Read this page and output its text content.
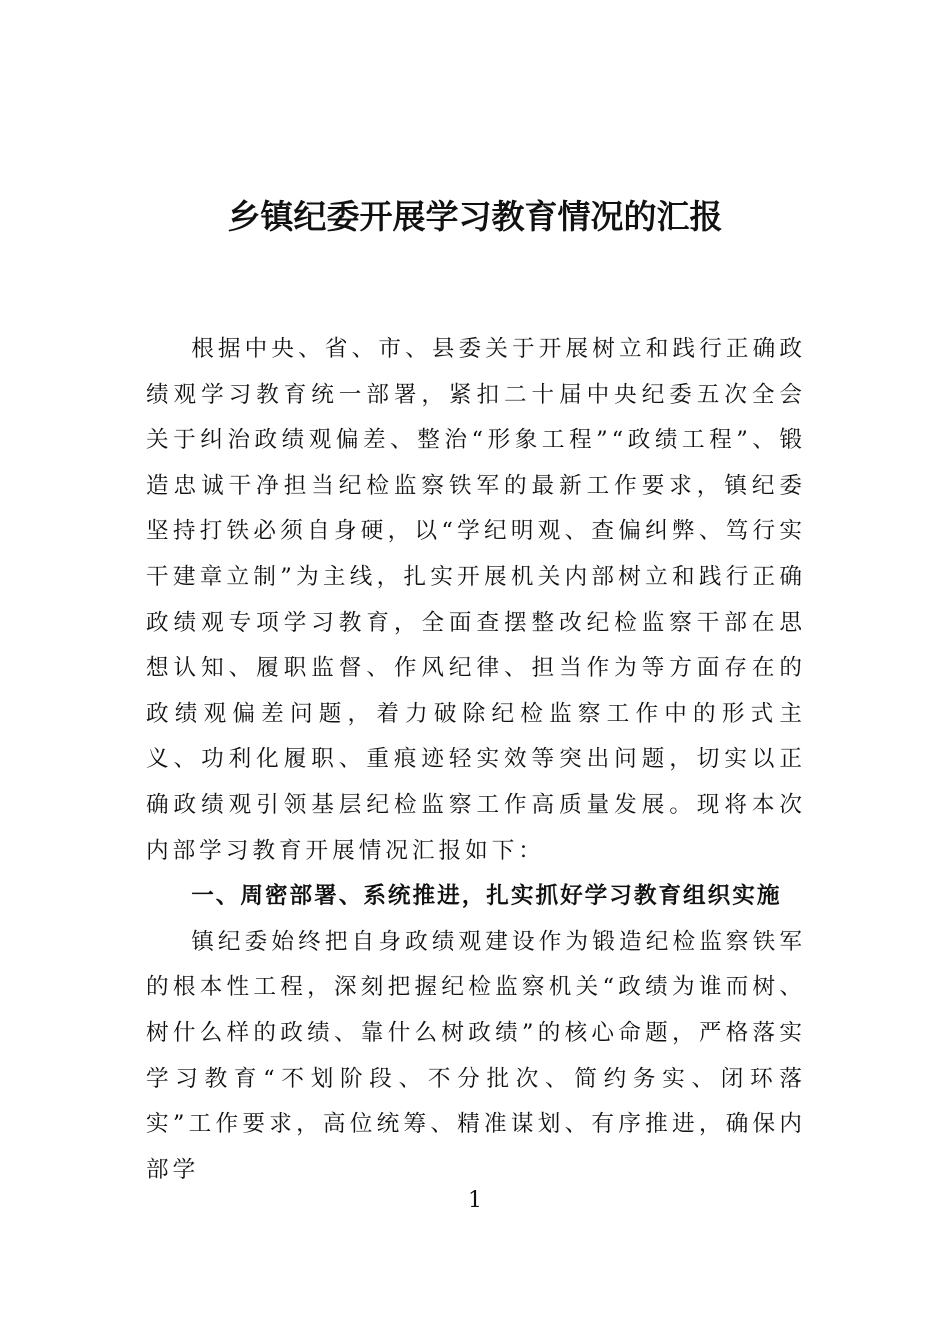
乡镇纪委开展学习教育情况的汇报

根据中央、省、市、县委关于开展树立和践行正确政绩观学习教育统一部署，紧扣二十届中央纪委五次全会关于纠治政绩观偏差、整治“形象工程”“政绩工程”、锻造忠诚干净担当纪检监察铁军的最新工作要求，镇纪委坚持打铁必须自身硬，以“学纪明观、查偏纠弊、笃行实干建章立制”为主线，扎实开展机关内部树立和践行正确政绩观专项学习教育，全面查摆整改纪检监察干部在思想认知、履职监督、作风纪律、担当作为等方面存在的政绩观偏差问题，着力破除纪检监察工作中的形式主义、功利化履职、重痕迹轻实效等突出问题，切实以正确政绩观引领基层纪检监察工作高质量发展。现将本次内部学习教育开展情况汇报如下：

一、周密部署、系统推进，扎实抓好学习教育组织实施

镇纪委始终把自身政绩观建设作为锻造纪检监察铁军的根本性工程，深刻把握纪检监察机关“政绩为谁而树、树什么样的政绩、靠什么树政绩”的核心命题，严格落实学习教育“不划阶段、不分批次、简约务实、闭环落实”工作要求，高位统筹、精准谋划、有序推进，确保内部学

1
